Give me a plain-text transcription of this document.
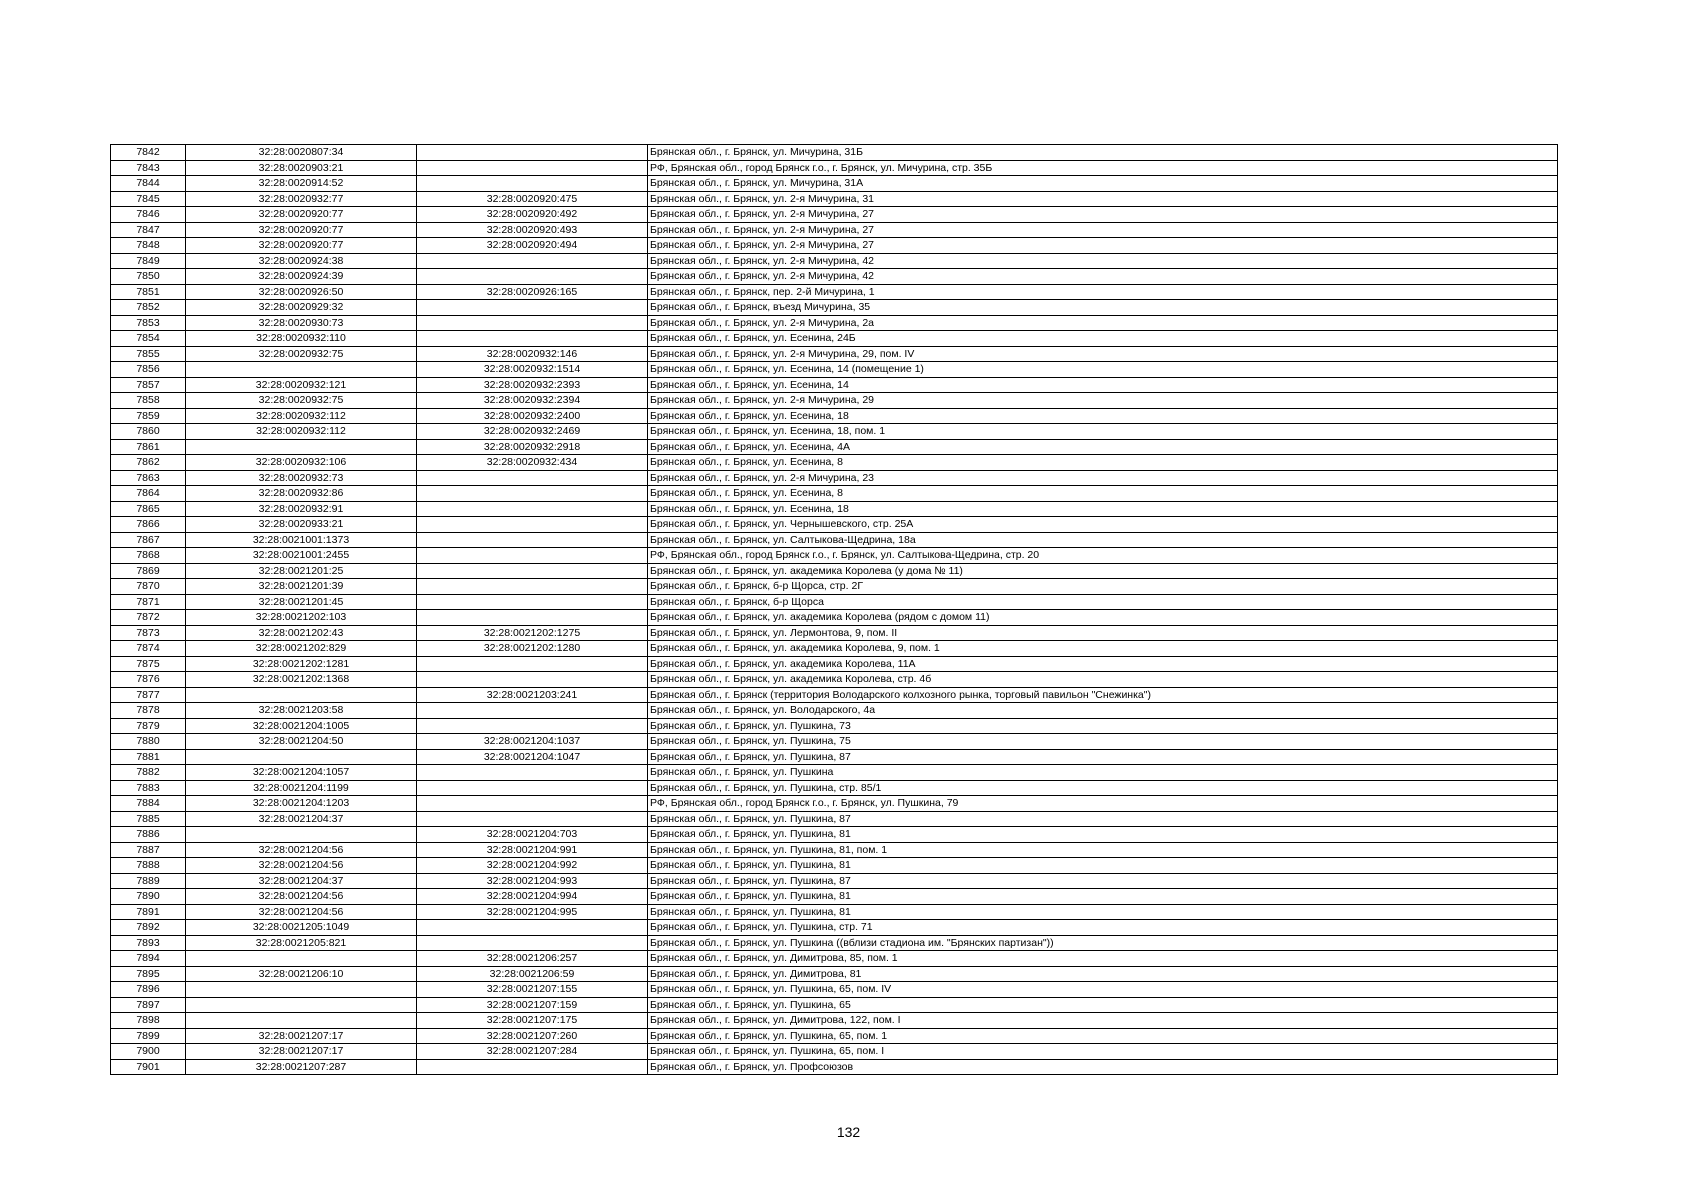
7842	32:28:0020807:34		Брянская обл., г. Брянск, ул. Мичурина, 31Б
7843	32:28:0020903:21		РФ, Брянская обл., город Брянск г.о., г. Брянск, ул. Мичурина, стр. 35Б
7844	32:28:0020914:52		Брянская обл., г. Брянск, ул. Мичурина, 31А
7845	32:28:0020932:77	32:28:0020920:475	Брянская обл., г. Брянск, ул. 2-я Мичурина, 31
7846	32:28:0020920:77	32:28:0020920:492	Брянская обл., г. Брянск, ул. 2-я Мичурина, 27
7847	32:28:0020920:77	32:28:0020920:493	Брянская обл., г. Брянск, ул. 2-я Мичурина, 27
7848	32:28:0020920:77	32:28:0020920:494	Брянская обл., г. Брянск, ул. 2-я Мичурина, 27
7849	32:28:0020924:38		Брянская обл., г. Брянск, ул. 2-я Мичурина, 42
7850	32:28:0020924:39		Брянская обл., г. Брянск, ул. 2-я Мичурина, 42
7851	32:28:0020926:50	32:28:0020926:165	Брянская обл., г. Брянск, пер. 2-й Мичурина, 1
7852	32:28:0020929:32		Брянская обл., г. Брянск, въезд Мичурина, 35
7853	32:28:0020930:73		Брянская обл., г. Брянск, ул. 2-я Мичурина, 2а
7854	32:28:0020932:110		Брянская обл., г. Брянск, ул. Есенина, 24Б
7855	32:28:0020932:75	32:28:0020932:146	Брянская обл., г. Брянск, ул. 2-я Мичурина, 29, пом. IV
7856		32:28:0020932:1514	Брянская обл., г. Брянск, ул. Есенина, 14 (помещение 1)
7857	32:28:0020932:121	32:28:0020932:2393	Брянская обл., г. Брянск, ул. Есенина, 14
7858	32:28:0020932:75	32:28:0020932:2394	Брянская обл., г. Брянск, ул. 2-я Мичурина, 29
7859	32:28:0020932:112	32:28:0020932:2400	Брянская обл., г. Брянск, ул. Есенина, 18
7860	32:28:0020932:112	32:28:0020932:2469	Брянская обл., г. Брянск, ул. Есенина, 18, пом. 1
7861		32:28:0020932:2918	Брянская обл., г. Брянск, ул. Есенина, 4А
7862	32:28:0020932:106	32:28:0020932:434	Брянская обл., г. Брянск, ул. Есенина, 8
7863	32:28:0020932:73		Брянская обл., г. Брянск, ул. 2-я Мичурина, 23
7864	32:28:0020932:86		Брянская обл., г. Брянск, ул. Есенина, 8
7865	32:28:0020932:91		Брянская обл., г. Брянск, ул. Есенина, 18
7866	32:28:0020933:21		Брянская обл., г. Брянск, ул. Чернышевского, стр. 25А
7867	32:28:0021001:1373		Брянская обл., г. Брянск, ул. Салтыкова-Щедрина, 18а
7868	32:28:0021001:2455		РФ, Брянская обл., город Брянск г.о., г. Брянск, ул. Салтыкова-Щедрина, стр. 20
7869	32:28:0021201:25		Брянская обл., г. Брянск, ул. академика Королева (у дома № 11)
7870	32:28:0021201:39		Брянская обл., г. Брянск, б-р Щорса, стр. 2Г
7871	32:28:0021201:45		Брянская обл., г. Брянск, б-р Щорса
7872	32:28:0021202:103		Брянская обл., г. Брянск, ул. академика Королева (рядом с домом 11)
7873	32:28:0021202:43	32:28:0021202:1275	Брянская обл., г. Брянск, ул. Лермонтова, 9, пом. II
7874	32:28:0021202:829	32:28:0021202:1280	Брянская обл., г. Брянск, ул. академика Королева, 9, пом. 1
7875	32:28:0021202:1281		Брянская обл., г. Брянск, ул. академика Королева, 11А
7876	32:28:0021202:1368		Брянская обл., г. Брянск, ул. академика Королева, стр. 4б
7877		32:28:0021203:241	Брянская обл., г. Брянск (территория Володарского колхозного рынка, торговый павильон "Снежинка")
7878	32:28:0021203:58		Брянская обл., г. Брянск, ул. Володарского, 4а
7879	32:28:0021204:1005		Брянская обл., г. Брянск, ул. Пушкина, 73
7880	32:28:0021204:50	32:28:0021204:1037	Брянская обл., г. Брянск, ул. Пушкина, 75
7881		32:28:0021204:1047	Брянская обл., г. Брянск, ул. Пушкина, 87
7882	32:28:0021204:1057		Брянская обл., г. Брянск, ул. Пушкина
7883	32:28:0021204:1199		Брянская обл., г. Брянск, ул. Пушкина, стр. 85/1
7884	32:28:0021204:1203		РФ, Брянская обл., город Брянск г.о., г. Брянск, ул. Пушкина, 79
7885	32:28:0021204:37		Брянская обл., г. Брянск, ул. Пушкина, 87
7886		32:28:0021204:703	Брянская обл., г. Брянск, ул. Пушкина, 81
7887	32:28:0021204:56	32:28:0021204:991	Брянская обл., г. Брянск, ул. Пушкина, 81, пом. 1
7888	32:28:0021204:56	32:28:0021204:992	Брянская обл., г. Брянск, ул. Пушкина, 81
7889	32:28:0021204:37	32:28:0021204:993	Брянская обл., г. Брянск, ул. Пушкина, 87
7890	32:28:0021204:56	32:28:0021204:994	Брянская обл., г. Брянск, ул. Пушкина, 81
7891	32:28:0021204:56	32:28:0021204:995	Брянская обл., г. Брянск, ул. Пушкина, 81
7892	32:28:0021205:1049		Брянская обл., г. Брянск, ул. Пушкина, стр. 71
7893	32:28:0021205:821		Брянская обл., г. Брянск, ул. Пушкина ((вблизи стадиона им. "Брянских партизан"))
7894		32:28:0021206:257	Брянская обл., г. Брянск, ул. Димитрова, 85, пом. 1
7895	32:28:0021206:10	32:28:0021206:59	Брянская обл., г. Брянск, ул. Димитрова, 81
7896		32:28:0021207:155	Брянская обл., г. Брянск, ул. Пушкина, 65, пом. IV
7897		32:28:0021207:159	Брянская обл., г. Брянск, ул. Пушкина, 65
7898		32:28:0021207:175	Брянская обл., г. Брянск, ул. Димитрова, 122, пом. I
7899	32:28:0021207:17	32:28:0021207:260	Брянская обл., г. Брянск, ул. Пушкина, 65, пом. 1
7900	32:28:0021207:17	32:28:0021207:284	Брянская обл., г. Брянск, ул. Пушкина, 65, пом. I
7901	32:28:0021207:287		Брянская обл., г. Брянск, ул. Профсоюзов
132
